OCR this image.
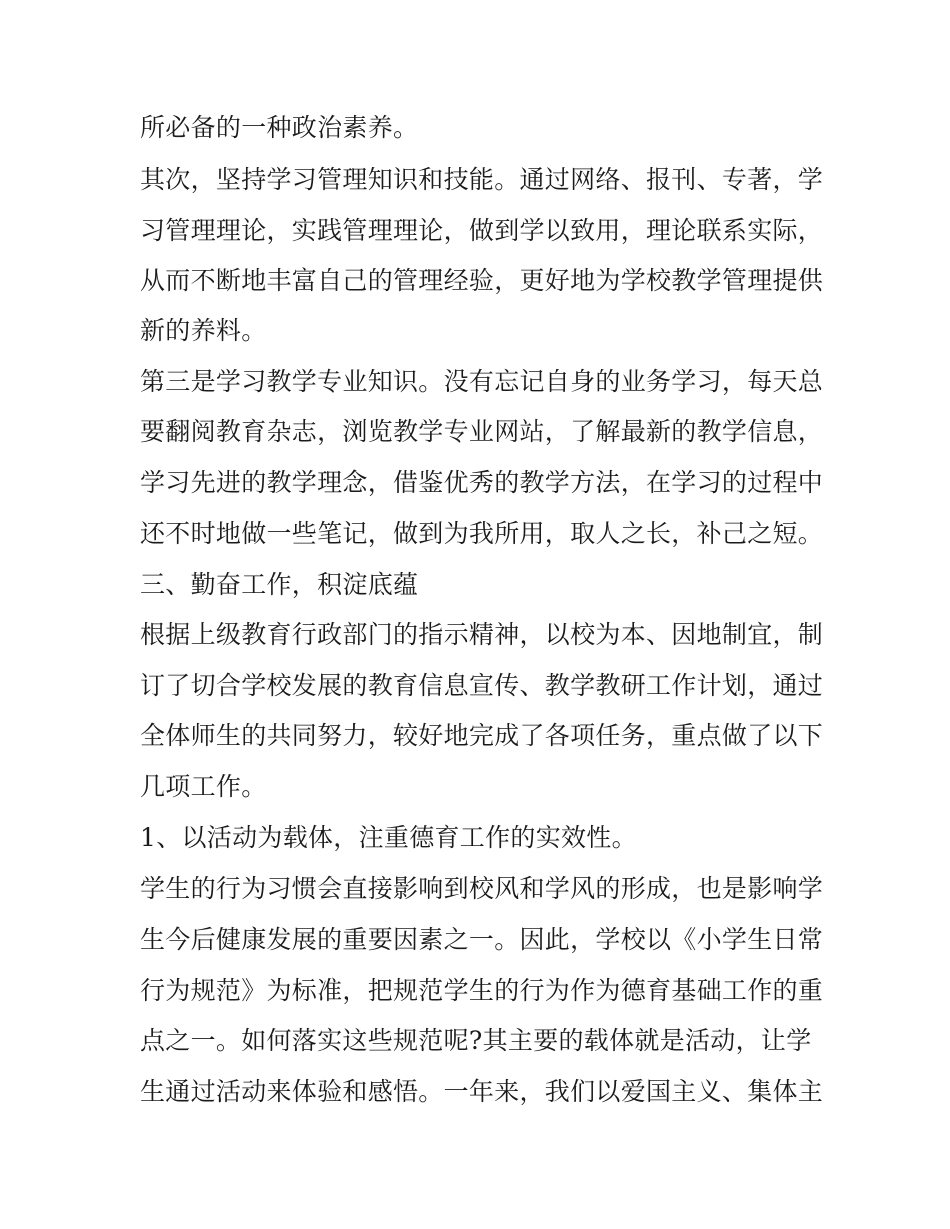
所必备的一种政治素养。
其次，坚持学习管理知识和技能。通过网络、报刊、专著，学
习管理理论，实践管理理论，做到学以致用，理论联系实际，
从而不断地丰富自己的管理经验，更好地为学校教学管理提供
新的养料。
第三是学习教学专业知识。没有忘记自身的业务学习，每天总
要翻阅教育杂志，浏览教学专业网站，了解最新的教学信息，
学习先进的教学理念，借鉴优秀的教学方法，在学习的过程中
还不时地做一些笔记，做到为我所用，取人之长，补己之短。
三、勤奋工作，积淀底蕴
根据上级教育行政部门的指示精神，以校为本、因地制宜，制
订了切合学校发展的教育信息宣传、教学教研工作计划，通过
全体师生的共同努力，较好地完成了各项任务，重点做了以下
几项工作。
1、以活动为载体，注重德育工作的实效性。
学生的行为习惯会直接影响到校风和学风的形成，也是影响学
生今后健康发展的重要因素之一。因此，学校以《小学生日常
行为规范》为标准，把规范学生的行为作为德育基础工作的重
点之一。如何落实这些规范呢?其主要的载体就是活动，让学
生通过活动来体验和感悟。一年来，我们以爱国主义、集体主
